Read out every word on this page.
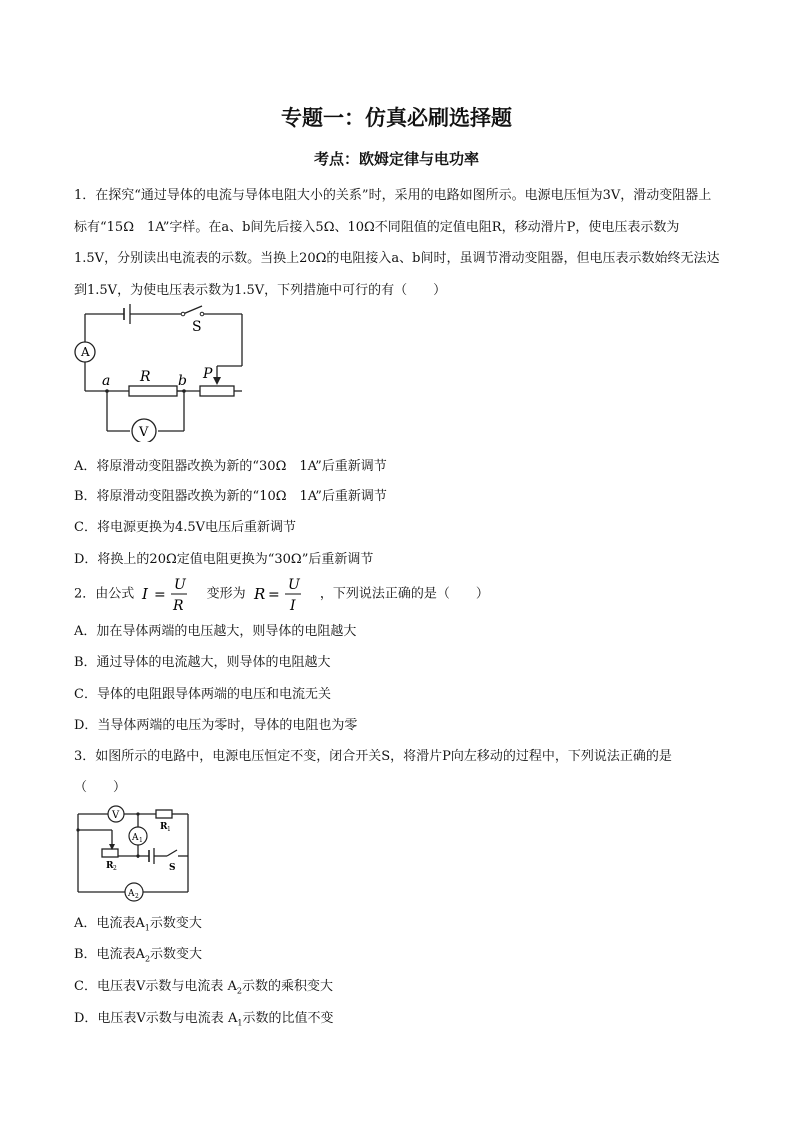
专题一：仿真必刷选择题
考点：欧姆定律与电功率

1．在探究“通过导体的电流与导体电阻大小的关系”时，采用的电路如图所示。电源电压恒为3V，滑动变阻器上标有“15Ω　1A”字样。在a、b间先后接入5Ω、10Ω不同阻值的定值电阻R，移动滑片P，使电压表示数为1.5V，分别读出电流表的示数。当换上20Ω的电阻接入a、b间时，虽调节滑动变阻器，但电压表示数始终无法达到1.5V，为使电压表示数为1.5V，下列措施中可行的有（　　）

A
V
S
R	P
a	b

A．将原滑动变阻器改换为新的“30Ω　1A”后重新调节

B．将原滑动变阻器改换为新的“10Ω　1A”后重新调节

C．将电源更换为4.5V电压后重新调节

D．将换上的20Ω定值电阻更换为“30Ω”后重新调节

2．由公式 I =
U
R
变形为 R =
U
I
，下列说法正确的是（　　）

A．加在导体两端的电压越大，则导体的电阻越大

B．通过导体的电流越大，则导体的电阻越大

C．导体的电阻跟导体两端的电压和电流无关

D．当导体两端的电压为零时，导体的电阻也为零

3．如图所示的电路中，电源电压恒定不变，闭合开关S，将滑片P向左移动的过程中，下列说法正确的是

（　　）

V
A 1
A 2
R 1
R 2	S

A．电流表$A_1$示数变大

B．电流表$A_2$示数变大

C．电压表V示数与电流表 $A_2$示数的乘积变大

D．电压表V示数与电流表 $A_1$示数的比值不变
